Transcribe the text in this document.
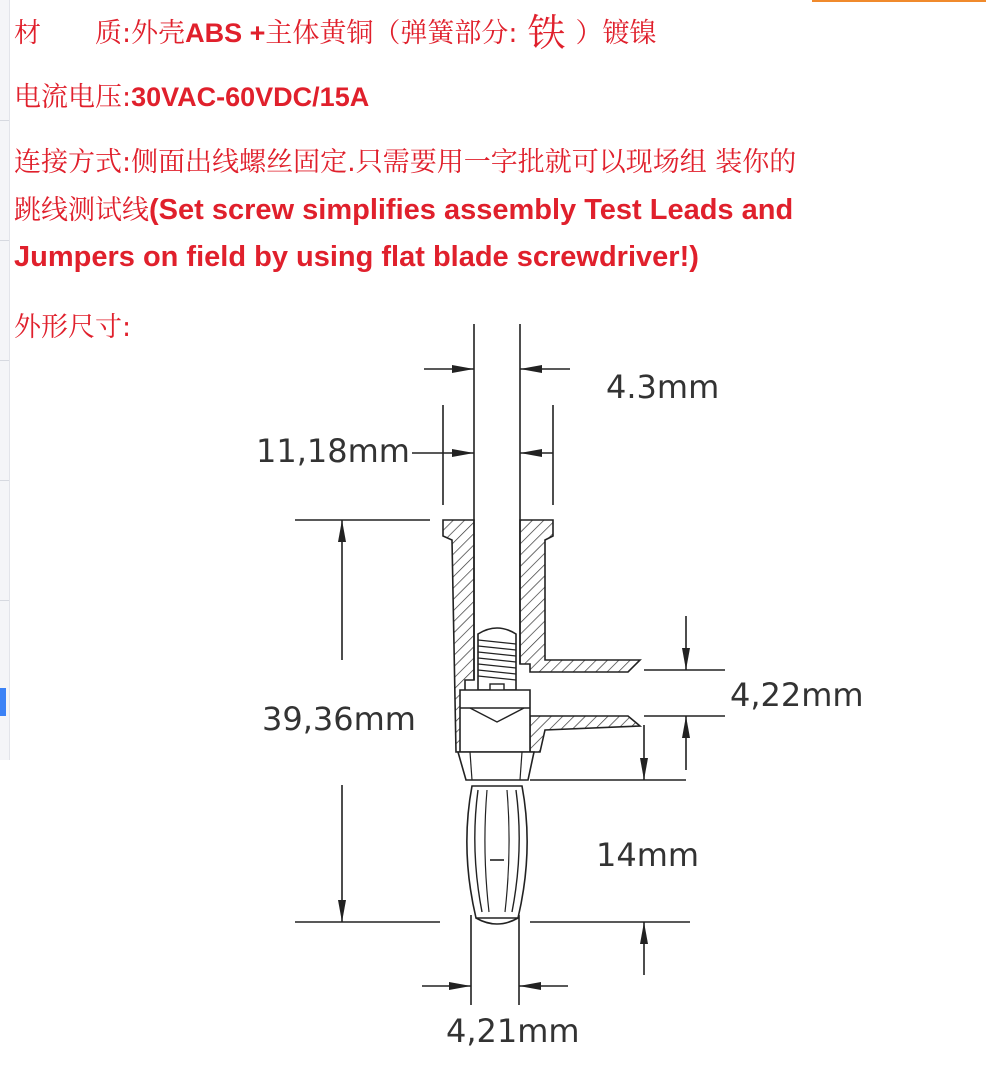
材　　质:外壳ABS +主体黄铜（弹簧部分: 铁 ）镀镍
电流电压:30VAC-60VDC/15A
连接方式:侧面出线螺丝固定.只需要用一字批就可以现场组 装你的
跳线测试线(Set screw simplifies assembly Test Leads and
Jumpers on field by using flat blade screwdriver!)
外形尺寸:
4.3mm
11,18mm
39,36mm
4,22mm
14mm
4,21mm
